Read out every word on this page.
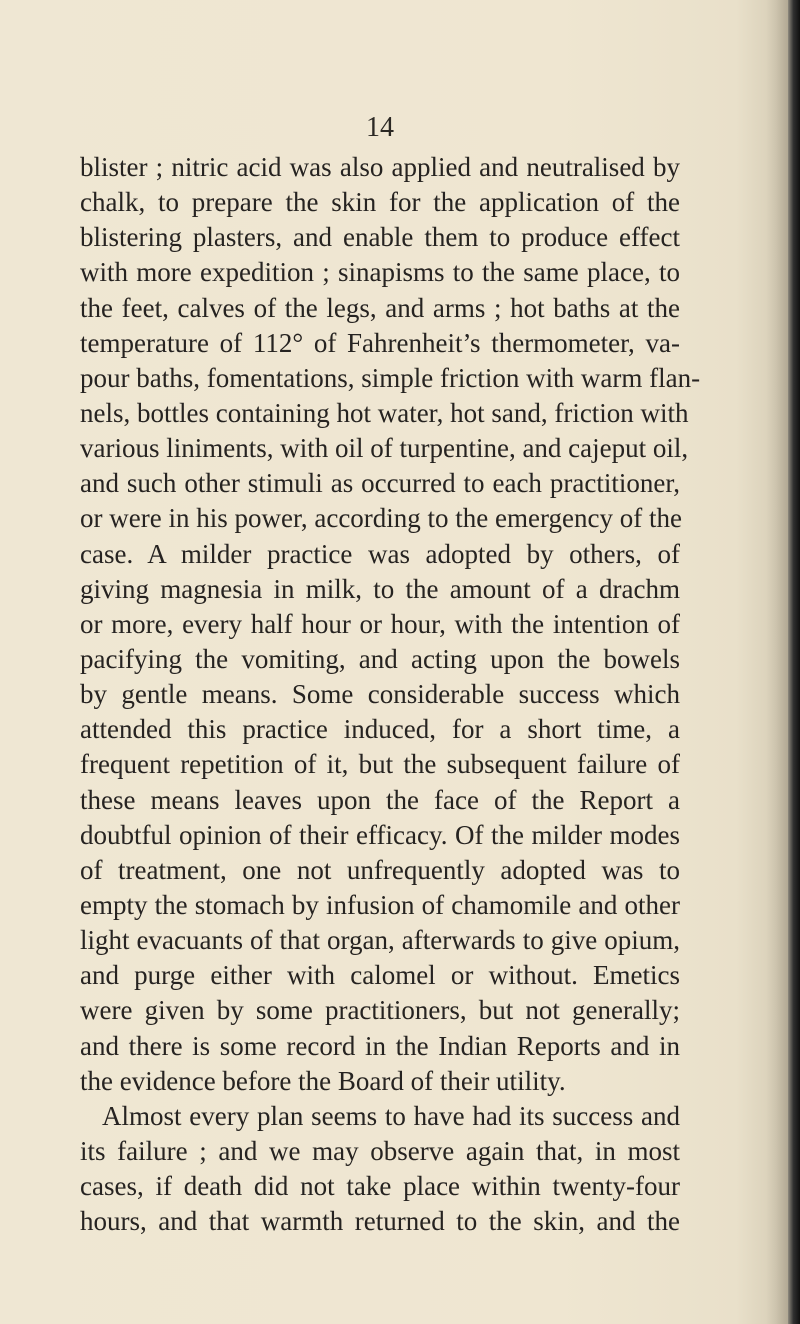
14
blister ; nitric acid was also applied and neutralised by
chalk, to prepare the skin for the application of the
blistering plasters, and enable them to produce effect
with more expedition ; sinapisms to the same place, to
the feet, calves of the legs, and arms ; hot baths at the
temperature of 112° of Fahrenheit’s thermometer, va-
pour baths, fomentations, simple friction with warm flan-
nels, bottles containing hot water, hot sand, friction with
various liniments, with oil of turpentine, and cajeput oil,
and such other stimuli as occurred to each practitioner,
or were in his power, according to the emergency of the
case. A milder practice was adopted by others, of
giving magnesia in milk, to the amount of a drachm
or more, every half hour or hour, with the intention of
pacifying the vomiting, and acting upon the bowels
by gentle means. Some considerable success which
attended this practice induced, for a short time, a
frequent repetition of it, but the subsequent failure of
these means leaves upon the face of the Report a
doubtful opinion of their efficacy. Of the milder modes
of treatment, one not unfrequently adopted was to
empty the stomach by infusion of chamomile and other
light evacuants of that organ, afterwards to give opium,
and purge either with calomel or without. Emetics
were given by some practitioners, but not generally;
and there is some record in the Indian Reports and in
the evidence before the Board of their utility.
Almost every plan seems to have had its success and
its failure ; and we may observe again that, in most
cases, if death did not take place within twenty-four
hours, and that warmth returned to the skin, and the
